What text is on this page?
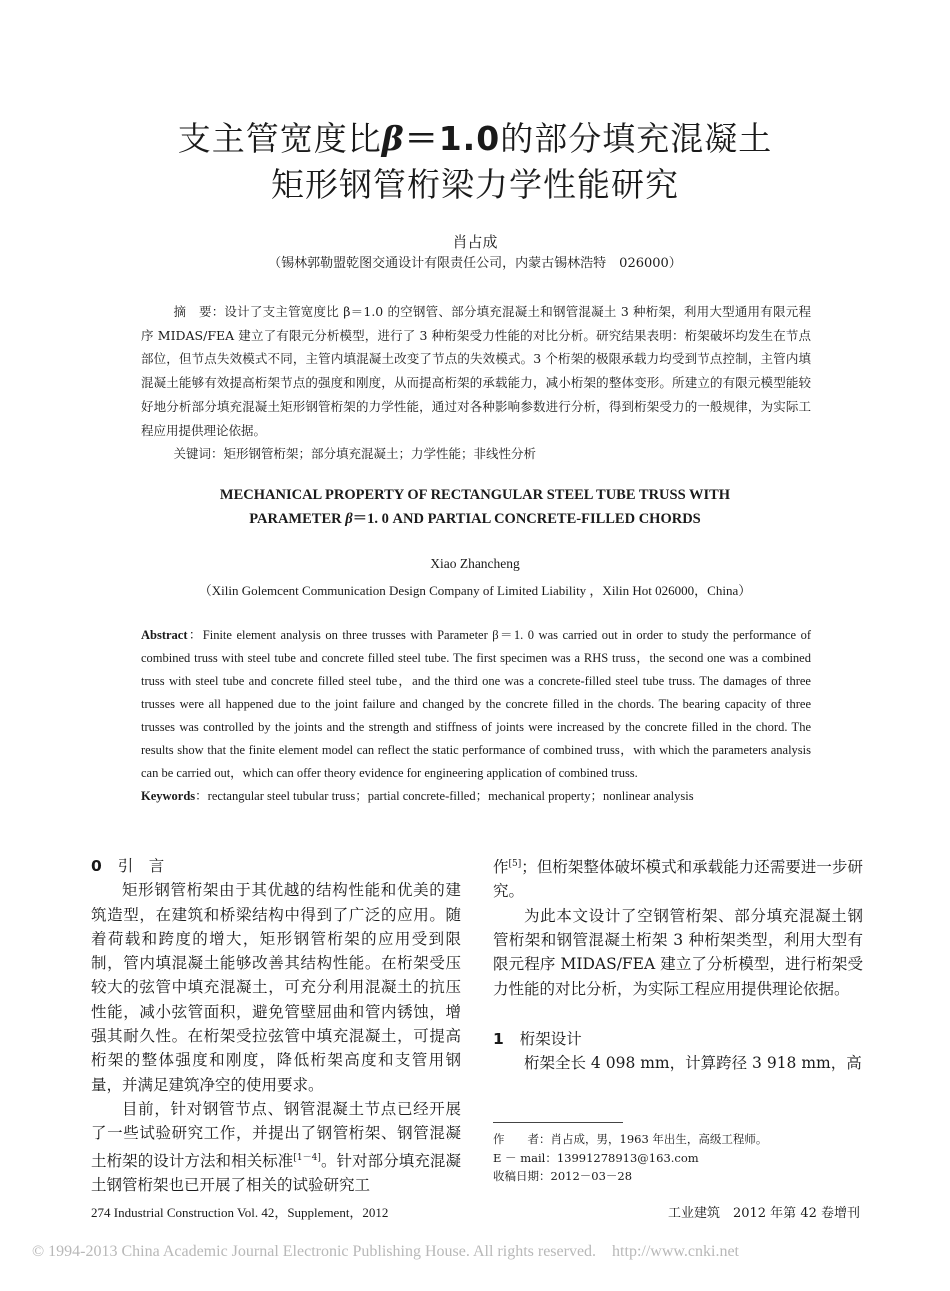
支主管宽度比β＝1.0的部分填充混凝土
矩形钢管桁梁力学性能研究
肖占成
（锡林郭勒盟乾图交通设计有限责任公司，内蒙古锡林浩特　026000）

摘　要：设计了支主管宽度比 β＝1.0 的空钢管、部分填充混凝土和钢管混凝土 3 种桁架，利用大型通用有限元程序 MIDAS/FEA 建立了有限元分析模型，进行了 3 种桁架受力性能的对比分析。研究结果表明：桁架破坏均发生在节点部位，但节点失效模式不同，主管内填混凝土改变了节点的失效模式。3 个桁架的极限承载力均受到节点控制，主管内填混凝土能够有效提高桁架节点的强度和刚度，从而提高桁架的承载能力，减小桁架的整体变形。所建立的有限元模型能较好地分析部分填充混凝土矩形钢管桁架的力学性能，通过对各种影响参数进行分析，得到桁架受力的一般规律，为实际工程应用提供理论依据。

关键词：矩形钢管桁架；部分填充混凝土；力学性能；非线性分析

MECHANICAL PROPERTY OF RECTANGULAR STEEL TUBE TRUSS WITH
PARAMETER β＝1. 0 AND PARTIAL CONCRETE-FILLED CHORDS
Xiao Zhancheng
（Xilin Golemcent Communication Design Company of Limited Liability ，Xilin Hot 026000，China）

Abstract：Finite element analysis on three trusses with Parameter β＝1. 0 was carried out in order to study the performance of combined truss with steel tube and concrete filled steel tube. The first specimen was a RHS truss，the second one was a combined truss with steel tube and concrete filled steel tube，and the third one was a concrete-filled steel tube truss. The damages of three trusses were all happened due to the joint failure and changed by the concrete filled in the chords. The bearing capacity of three trusses was controlled by the joints and the strength and stiffness of joints were increased by the concrete filled in the chord. The results show that the finite element model can reflect the static performance of combined truss，with which the parameters analysis can be carried out，which can offer theory evidence for engineering application of combined truss.

Keywords：rectangular steel tubular truss；partial concrete-filled；mechanical property；nonlinear analysis

0 引　言

矩形钢管桁架由于其优越的结构性能和优美的建筑造型，在建筑和桥梁结构中得到了广泛的应用。随着荷载和跨度的增大，矩形钢管桁架的应用受到限制，管内填混凝土能够改善其结构性能。在桁架受压较大的弦管中填充混凝土，可充分利用混凝土的抗压性能，减小弦管面积，避免管壁屈曲和管内锈蚀，增强其耐久性。在桁架受拉弦管中填充混凝土，可提高桁架的整体强度和刚度，降低桁架高度和支管用钢量，并满足建筑净空的使用要求。

目前，针对钢管节点、钢管混凝土节点已经开展了一些试验研究工作，并提出了钢管桁架、钢管混凝土桁架的设计方法和相关标准[1－4]。针对部分填充混凝土钢管桁架也已开展了相关的试验研究工

作[5]；但桁架整体破坏模式和承载能力还需要进一步研究。

为此本文设计了空钢管桁架、部分填充混凝土钢管桁架和钢管混凝土桁架 3 种桁架类型，利用大型有限元程序 MIDAS/FEA 建立了分析模型，进行桁架受力性能的对比分析，为实际工程应用提供理论依据。

1 桁架设计

桁架全长 4 098 mm，计算跨径 3 918 mm，高

作　　者：肖占成，男，1963 年出生，高级工程师。
E － mail：13991278913@163.com
收稿日期：2012－03－28
274 Industrial Construction Vol. 42，Supplement，2012	工业建筑　2012 年第 42 卷增刊
© 1994-2013 China Academic Journal Electronic Publishing House. All rights reserved.    http://www.cnki.net
